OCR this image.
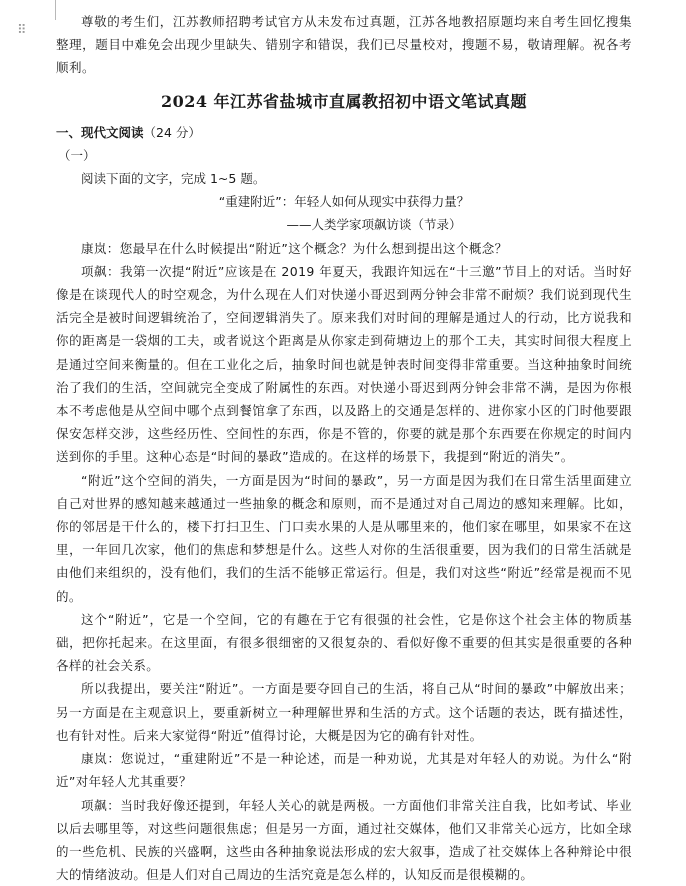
⠿

尊敬的考生们，江苏教师招聘考试官方从未发布过真题，江苏各地教招原题均来自考生回忆搜集整理，题目中难免会出现少里缺失、错别字和错误，我们已尽量校对，搜题不易，敬请理解。祝各考顺利。

2024 年江苏省盐城市直属教招初中语文笔试真题

一、现代文阅读（24 分）

（一）

阅读下面的文字，完成 1~5 题。

“重建附近”：年轻人如何从现实中获得力量？

——人类学家项飙访谈（节录）

康岚：您最早在什么时候提出“附近”这个概念？为什么想到提出这个概念？

项飙：我第一次提“附近”应该是在 2019 年夏天，我跟许知远在“十三邀”节目上的对话。当时好像是在谈现代人的时空观念，为什么现在人们对快递小哥迟到两分钟会非常不耐烦？我们说到现代生活完全是被时间逻辑统治了，空间逻辑消失了。原来我们对时间的理解是通过人的行动，比方说我和你的距离是一袋烟的工夫，或者说这个距离是从你家走到荷塘边上的那个工夫，其实时间很大程度上是通过空间来衡量的。但在工业化之后，抽象时间也就是钟表时间变得非常重要。当这种抽象时间统治了我们的生活，空间就完全变成了附属性的东西。对快递小哥迟到两分钟会非常不满，是因为你根本不考虑他是从空间中哪个点到餐馆拿了东西，以及路上的交通是怎样的、进你家小区的门时他要跟保安怎样交涉，这些经历性、空间性的东西，你是不管的，你要的就是那个东西要在你规定的时间内送到你的手里。这种心态是“时间的暴政”造成的。在这样的场景下，我提到“附近的消失”。

“附近”这个空间的消失，一方面是因为“时间的暴政”，另一方面是因为我们在日常生活里面建立自己对世界的感知越来越通过一些抽象的概念和原则，而不是通过对自己周边的感知来理解。比如，你的邻居是干什么的，楼下打扫卫生、门口卖水果的人是从哪里来的，他们家在哪里，如果家不在这里，一年回几次家，他们的焦虑和梦想是什么。这些人对你的生活很重要，因为我们的日常生活就是由他们来组织的，没有他们，我们的生活不能够正常运行。但是，我们对这些“附近”经常是视而不见的。

这个“附近”，它是一个空间，它的有趣在于它有很强的社会性，它是你这个社会主体的物质基础，把你托起来。在这里面，有很多很细密的又很复杂的、看似好像不重要的但其实是很重要的各种各样的社会关系。

所以我提出，要关注“附近”。一方面是要夺回自己的生活，将自己从“时间的暴政”中解放出来；另一方面是在主观意识上，要重新树立一种理解世界和生活的方式。这个话题的表达，既有描述性，也有针对性。后来大家觉得“附近”值得讨论，大概是因为它的确有针对性。

康岚：您说过，“重建附近”不是一种论述，而是一种劝说，尤其是对年轻人的劝说。为什么“附近”对年轻人尤其重要？

项飙：当时我好像还提到，年轻人关心的就是两极。一方面他们非常关注自我，比如考试、毕业以后去哪里等，对这些问题很焦虑；但是另一方面，通过社交媒体，他们又非常关心远方，比如全球的一些危机、民族的兴盛啊，这些由各种抽象说法形成的宏大叙事，造成了社交媒体上各种辩论中很大的情绪波动。但是人们对自己周边的生活究竟是怎么样的，认知反而是很模糊的。
